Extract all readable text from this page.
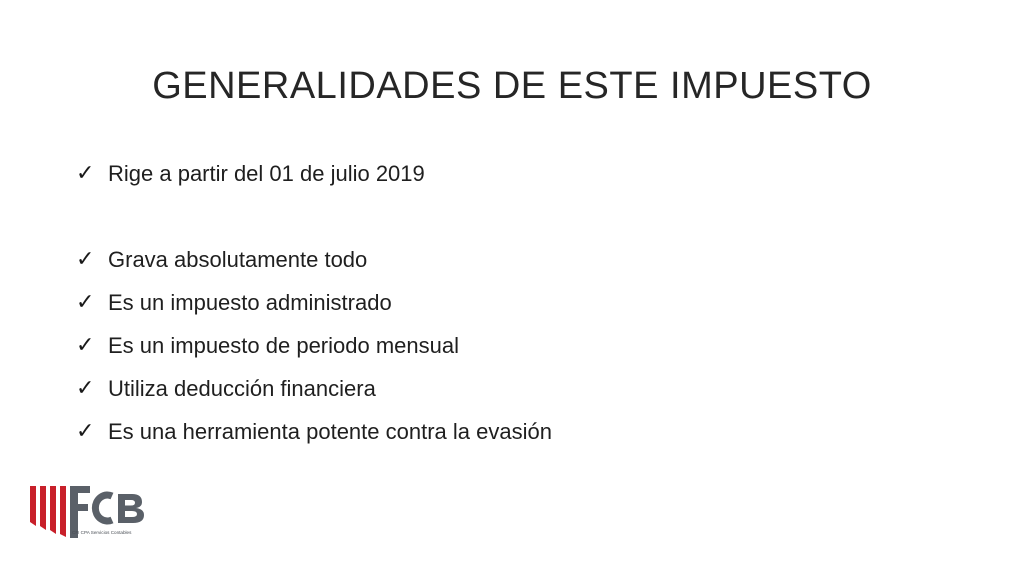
GENERALIDADES DE ESTE IMPUESTO
✓ Rige a partir del 01 de julio 2019
✓ Grava absolutamente todo
✓ Es un impuesto administrado
✓ Es un impuesto de periodo mensual
✓ Utiliza deducción financiera
✓ Es una herramienta potente contra la evasión
CFI CPA Servicios Contables
